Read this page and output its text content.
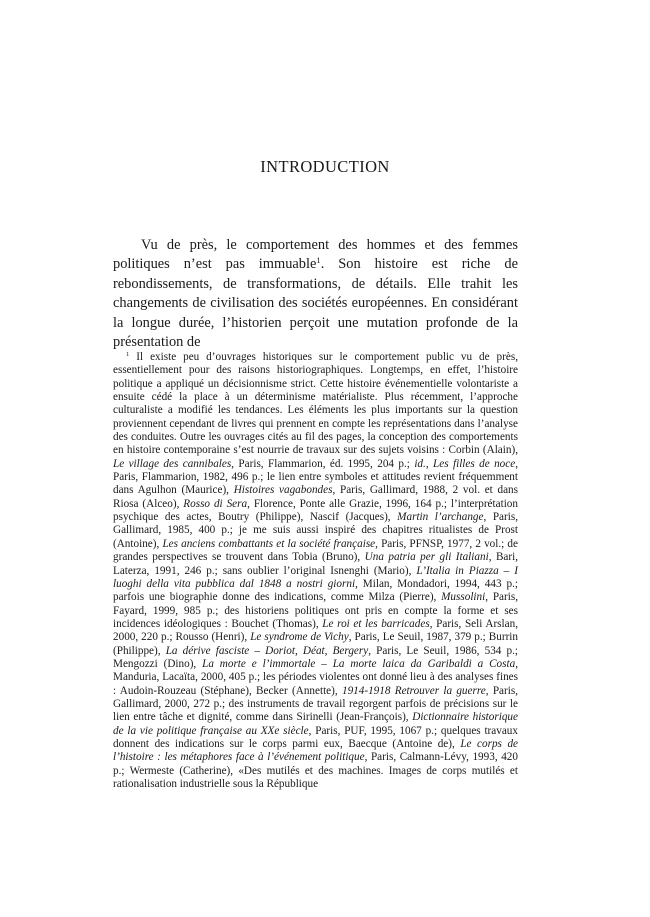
INTRODUCTION

Vu de près, le comportement des hommes et des femmes politiques n’est pas immuable$^1$. Son histoire est riche de rebondissements, de transformations, de détails. Elle trahit les changements de civilisation des sociétés européennes. En considérant la longue durée, l’historien perçoit une mutation profonde de la présentation de

$^1$ Il existe peu d’ouvrages historiques sur le comportement public vu de près, essentiellement pour des raisons historiographiques. Longtemps, en effet, l’histoire politique a appliqué un décisionnisme strict. Cette histoire événementielle volontariste a ensuite cédé la place à un déterminisme matérialiste. Plus récemment, l’approche culturaliste a modifié les tendances. Les éléments les plus importants sur la question proviennent cependant de livres qui prennent en compte les représentations dans l’analyse des conduites. Outre les ouvrages cités au fil des pages, la conception des comportements en histoire contemporaine s’est nourrie de travaux sur des sujets voisins : Corbin (Alain), Le village des cannibales, Paris, Flammarion, éd. 1995, 204 p.; id., Les filles de noce, Paris, Flammarion, 1982, 496 p.; le lien entre symboles et attitudes revient fréquemment dans Agulhon (Maurice), Histoires vagabondes, Paris, Gallimard, 1988, 2 vol. et dans Riosa (Alceo), Rosso di Sera, Florence, Ponte alle Grazie, 1996, 164 p.; l’interprétation psychique des actes, Boutry (Philippe), Nascif (Jacques), Martin l’archange, Paris, Gallimard, 1985, 400 p.; je me suis aussi inspiré des chapitres ritualistes de Prost (Antoine), Les anciens combattants et la société française, Paris, PFNSP, 1977, 2 vol.; de grandes perspectives se trouvent dans Tobia (Bruno), Una patria per gli Italiani, Bari, Laterza, 1991, 246 p.; sans oublier l’original Isnenghi (Mario), L’Italia in Piazza – I luoghi della vita pubblica dal 1848 a nostri giorni, Milan, Mondadori, 1994, 443 p.; parfois une biographie donne des indications, comme Milza (Pierre), Mussolini, Paris, Fayard, 1999, 985 p.; des historiens politiques ont pris en compte la forme et ses incidences idéologiques : Bouchet (Thomas), Le roi et les barricades, Paris, Seli Arslan, 2000, 220 p.; Rousso (Henri), Le syndrome de Vichy, Paris, Le Seuil, 1987, 379 p.; Burrin (Philippe), La dérive fasciste – Doriot, Déat, Bergery, Paris, Le Seuil, 1986, 534 p.; Mengozzi (Dino), La morte e l’immortale – La morte laica da Garibaldi a Costa, Manduria, Lacaïta, 2000, 405 p.; les périodes violentes ont donné lieu à des analyses fines : Audoin-Rouzeau (Stéphane), Becker (Annette), 1914-1918 Retrouver la guerre, Paris, Gallimard, 2000, 272 p.; des instruments de travail regorgent parfois de précisions sur le lien entre tâche et dignité, comme dans Sirinelli (Jean-François), Dictionnaire historique de la vie politique française au XXe siècle, Paris, PUF, 1995, 1067 p.; quelques travaux donnent des indications sur le corps parmi eux, Baecque (Antoine de), Le corps de l’histoire : les métaphores face à l’événement politique, Paris, Calmann-Lévy, 1993, 420 p.; Wermeste (Catherine), «Des mutilés et des machines. Images de corps mutilés et rationalisation industrielle sous la République
